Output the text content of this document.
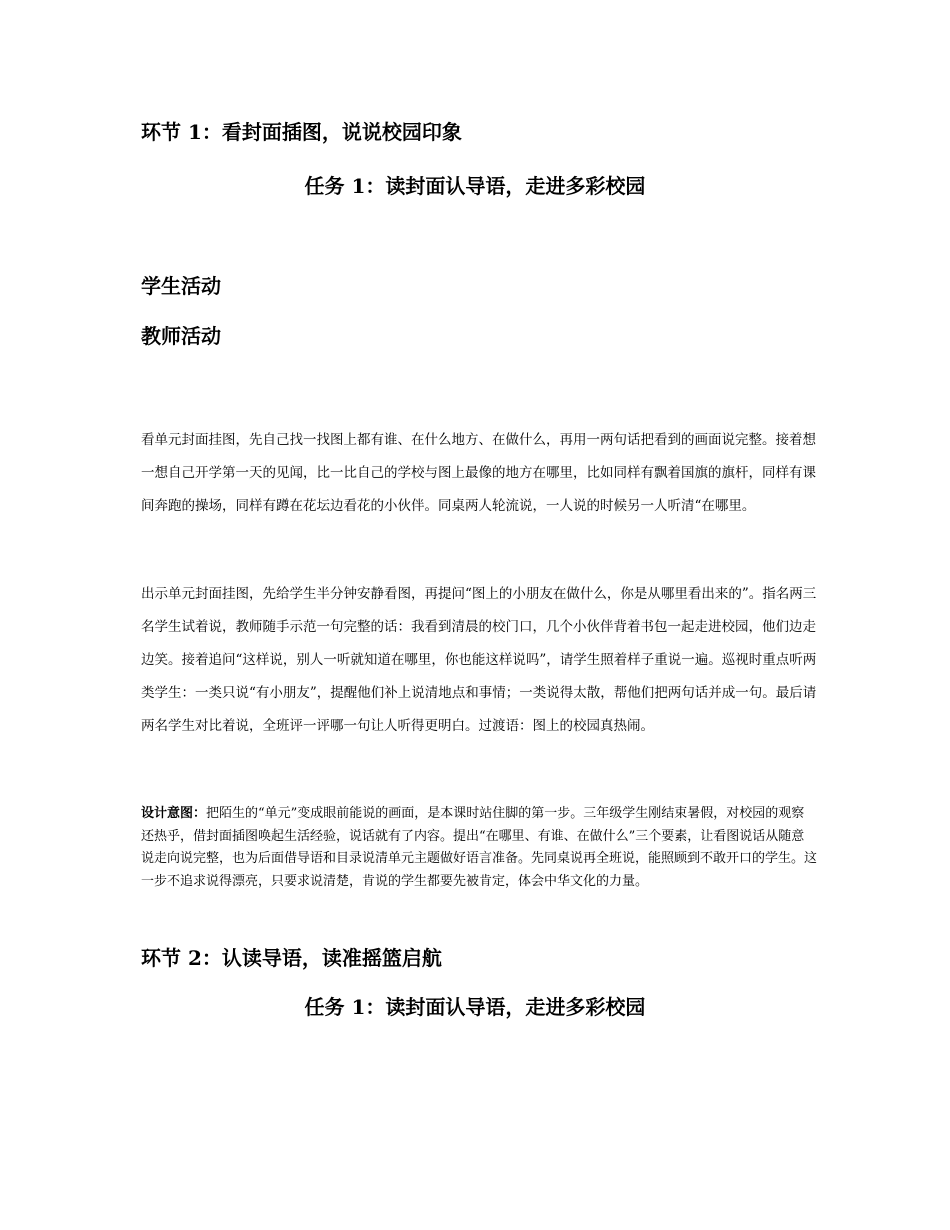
环节 1：看封面插图，说说校园印象
任务 1：读封面认导语，走进多彩校园
学生活动
教师活动

看单元封面挂图，先自己找一找图上都有谁、在什么地方、在做什么，再用一两句话把看到的画面说完整。接着想一想自己开学第一天的见闻，比一比自己的学校与图上最像的地方在哪里，比如同样有飘着国旗的旗杆，同样有课间奔跑的操场，同样有蹲在花坛边看花的小伙伴。同桌两人轮流说，一人说的时候另一人听清“在哪里。

出示单元封面挂图，先给学生半分钟安静看图，再提问“图上的小朋友在做什么，你是从哪里看出来的”。指名两三名学生试着说，教师随手示范一句完整的话：我看到清晨的校门口，几个小伙伴背着书包一起走进校园，他们边走边笑。接着追问“这样说，别人一听就知道在哪里，你也能这样说吗”，请学生照着样子重说一遍。巡视时重点听两类学生：一类只说“有小朋友”，提醒他们补上说清地点和事情；一类说得太散，帮他们把两句话并成一句。最后请两名学生对比着说，全班评一评哪一句让人听得更明白。过渡语：图上的校园真热闹。

设计意图：把陌生的“单元”变成眼前能说的画面，是本课时站住脚的第一步。三年级学生刚结束暑假，对校园的观察还热乎，借封面插图唤起生活经验，说话就有了内容。提出“在哪里、有谁、在做什么”三个要素，让看图说话从随意说走向说完整，也为后面借导语和目录说清单元主题做好语言准备。先同桌说再全班说，能照顾到不敢开口的学生。这一步不追求说得漂亮，只要求说清楚，肯说的学生都要先被肯定，体会中华文化的力量。

环节 2：认读导语，读准摇篮启航
任务 1：读封面认导语，走进多彩校园
